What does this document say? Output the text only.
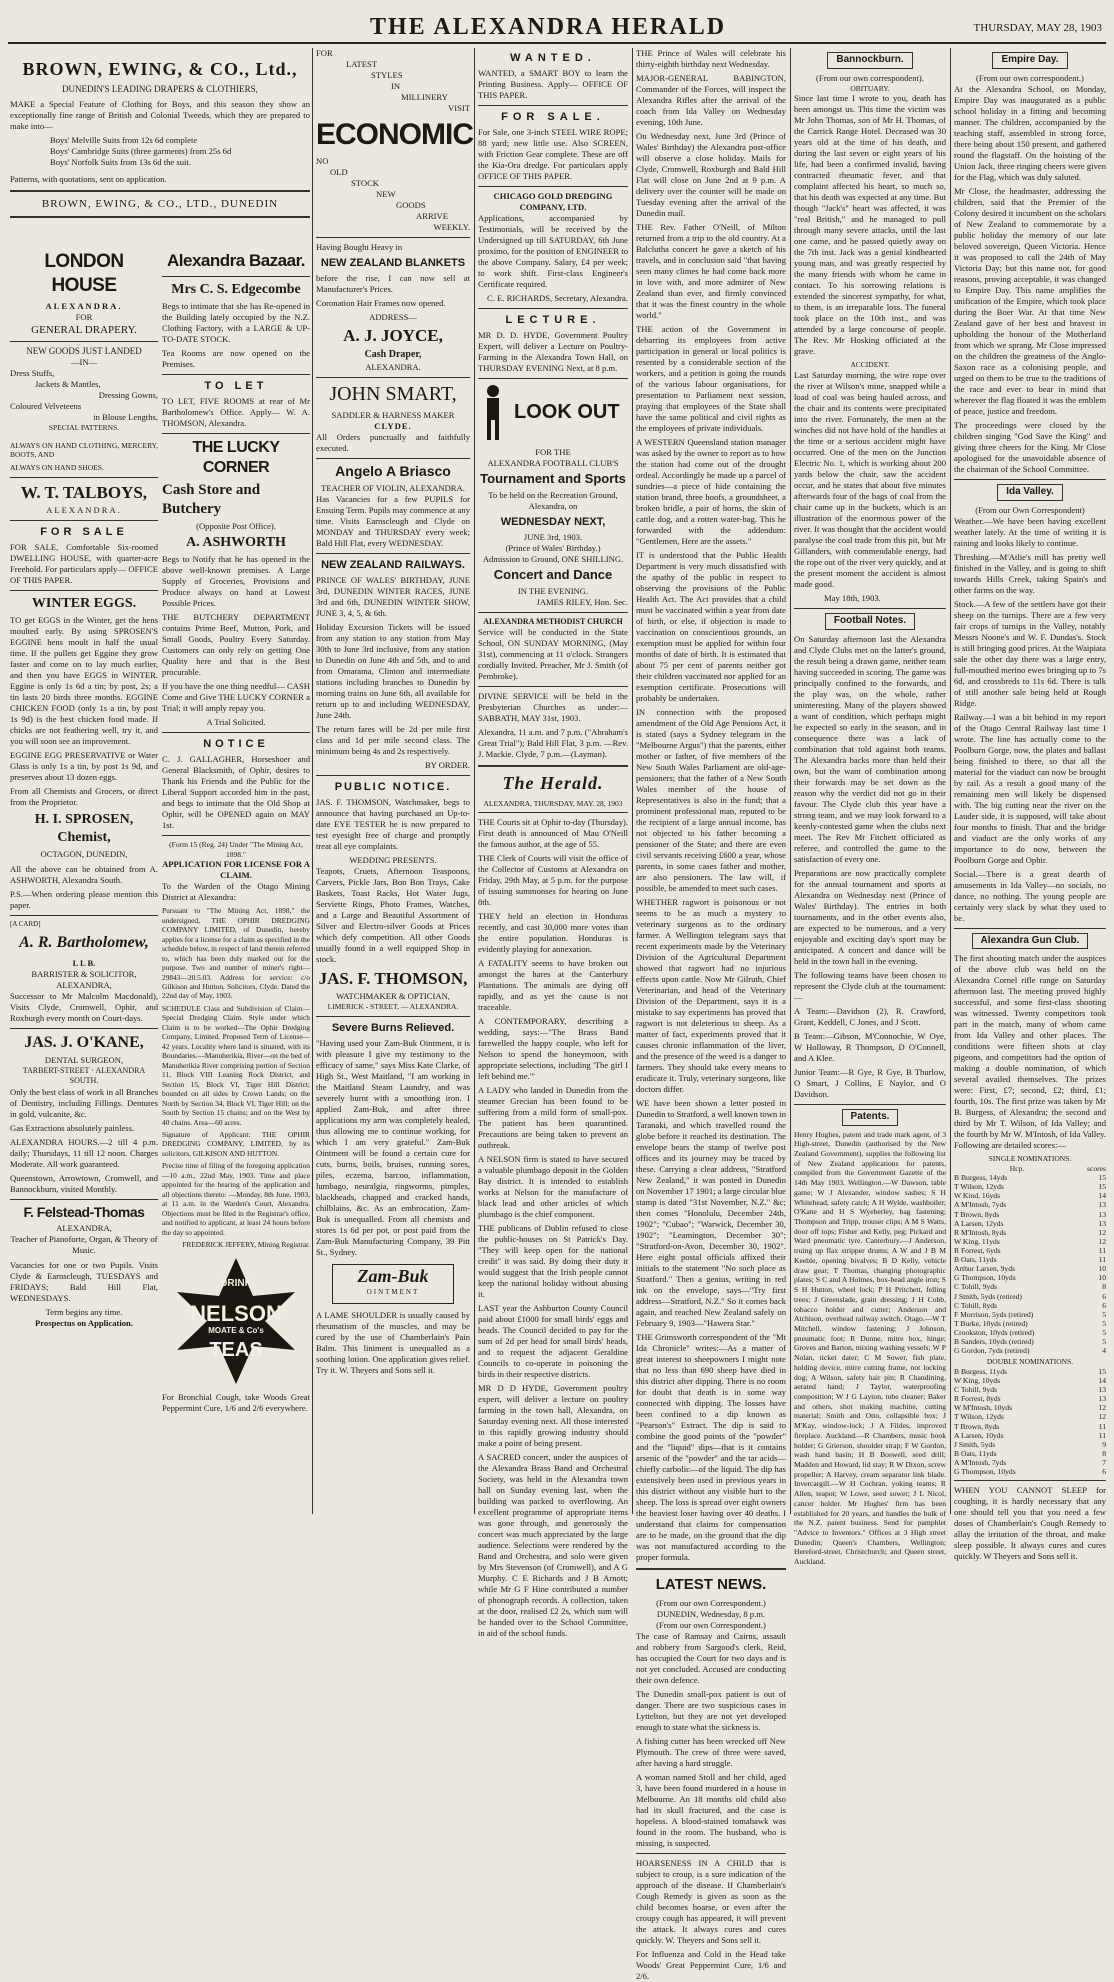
THE ALEXANDRA HERALD	THURSDAY, MAY 28, 1903
BROWN, EWING, & CO., Ltd.,
DUNEDIN'S LEADING DRAPERS & CLOTHIERS,

MAKE a Special Feature of Clothing for Boys, and this season they show an exceptionally fine range of British and Colonial Tweeds, which they are prepared to make into—

Boys' Melville Suits from 12s 6d complete
Boys' Cambridge Suits (three garments) from 25s 6d
Boys' Norfolk Suits from 13s 6d the suit.

Patterns, with quotations, sent on application.

BROWN, EWING, & CO., LTD., DUNEDIN
LONDON HOUSE
ALEXANDRA.
FOR
GENERAL DRAPERY.
NEW GOODS JUST LANDED
—IN—
Dress Stuffs,
Jackets & Mantles,
Dressing Gowns,
Coloured Velveteens
in Blouse Lengths,
SPECIAL PATTERNS.

ALWAYS ON HAND CLOTHING, MERCERY, BOOTS, AND

ALWAYS ON HAND SHOES.

W. T. TALBOYS,
ALEXANDRA.
FOR SALE

FOR SALE, Comfortable Six-roomed DWELLING HOUSE, with quarter-acre Freehold. For particulars apply— OFFICE OF THIS PAPER.

WINTER EGGS.

TO get EGGS in the Winter, get the hens moulted early. By using SPROSEN'S EGGINE hens moult in half the usual time. If the pullets get Eggine they grow faster and come on to lay much earlier, and then you have EGGS in WINTER. Eggine is only 1s 6d a tin; by post, 2s; a tin lasts 20 birds three months. EGGINE CHICKEN FOOD (only 1s a tin, by post 1s 9d) is the best chicken food made. If chicks are not feathering well, try it, and you will soon see an improvement.

EGGINE EGG PRESERVATIVE or Water Glass is only 1s a tin, by post 1s 9d, and preserves about 13 dozen eggs.

From all Chemists and Grocers, or direct from the Proprietor.

H. I. SPROSEN, Chemist,
OCTAGON, DUNEDIN,

All the above can be obtained from A. ASHWORTH, Alexandra South.

P.S.—When ordering please mention this paper.

[A CARD]
A. R. Bartholomew,
L L B.
BARRISTER & SOLICITOR, ALEXANDRA,

Successor to Mr Malcolm Macdonald), Visits Clyde, Cromwell, Ophir, and Roxburgh every month on Court-days.

JAS. J. O'KANE,
DENTAL SURGEON,
TARBERT-STREET · ALEXANDRA SOUTH.

Only the best class of work in all Branches of Dentistry, including Fillings. Dentures in gold, vulcanite, &c.

Gas Extractions absolutely painless.

ALEXANDRA HOURS.—2 till 4 p.m. daily; Thursdays, 11 till 12 noon. Charges Moderate. All work guaranteed.

Queenstown, Arrowtown, Cromwell, and Bannockburn, visited Monthly.

F. Felstead-Thomas
ALEXANDRA,
Teacher of Pianoforte, Organ, & Theory of Music.

Vacancies for one or two Pupils. Visits Clyde & Earnscleugh, TUESDAYS and FRIDAYS; Bald Hill Flat, WEDNESDAYS.

Term begins any time.
Prospectus on Application.
Alexandra Bazaar.
Mrs C. S. Edgecombe

Begs to intimate that she has Re-opened in the Building lately occupied by the N.Z. Clothing Factory, with a LARGE & UP-TO-DATE STOCK.

Tea Rooms are now opened on the Premises.

TO LET

TO LET, FIVE ROOMS at rear of Mr Bartholomew's Office. Apply— W. A. THOMSON, Alexandra.

THE LUCKY CORNER
Cash Store and Butchery
(Opposite Post Office).
A. ASHWORTH

Begs to Notify that he has opened in the above well-known premises. A Large Supply of Groceries, Provisions and Produce always on hand at Lowest Possible Prices.

THE BUTCHERY DEPARTMENT contains Prime Beef, Mutton, Pork, and Small Goods, Poultry Every Saturday. Customers can only rely on getting One Quality here and that is the Best procurable.

If you have the one thing needful— CASH Come and Give THE LUCKY CORNER a Trial; it will amply repay you.

A Trial Solicited.
NOTICE

C. J. GALLAGHER, Horseshoer and General Blacksmith, of Ophir, desires to Thank his Friends and the Public for the Liberal Support accorded him in the past, and begs to intimate that the Old Shop at Ophir, will be OPENED again on MAY 1st.

(Form 15 (Reg. 24) Under "The Mining Act, 1898."
APPLICATION FOR LICENSE FOR A CLAIM.

To the Warden of the Otago Mining District at Alexandra:

Pursuant to "The Mining Act, 1898," the undersigned, THE OPHIR DREDGING COMPANY LIMITED, of Dunedin, hereby applies for a license for a claim as specified in the schedule below, in respect of land therein referred to, which has been duly marked out for the purpose. Two and number of miner's right—29843—20.5.03. Address for service: c/o Gilkison and Hutton, Solicitors, Clyde. Dated the 22nd day of May, 1903.

SCHEDULE Class and Subdivision of Claim—Special Dredging Claim. Style under which Claim is to be worked—The Ophir Dredging Company, Limited. Proposed Term of License—42 years. Locality where land is situated, with its Boundaries.—Manuherikia, River—on the bed of Manuherikia River comprising portion of Section 11, Block VIII Leaning Rock District, and Section 15, Block VI, Tiger Hill District; bounded on all sides by Crown Lands; on the North by Section 34, Block VI, Tiger Hill; on the South by Section 15 chains; and on the West by 40 chains. Area—60 acres.

Signature of Applicant: THE OPHIR DREDGING COMPANY, LIMITED, by its solicitors, GILKISON AND HUTTON.

Precise time of filing of the foregoing application—10 a.m., 22nd May, 1903. Time and place appointed for the hearing of the application and all objections thereto: —Monday, 8th June, 1903, at 11 a.m. in the Warden's Court, Alexandra. Objections must be filed in the Registrar's office, and notified to applicant, at least 24 hours before the day so appointed.

FREDERICK JEFFERY, Mining Registrar.
DRINK
NELSON
MOATE & Co's
TEAS

For Bronchial Cough, take Woods Great Peppermint Cure, 1/6 and 2/6 everywhere.

FOR
LATEST
STYLES
IN
MILLINERY
VISIT
ECONOMIC
NO
OLD
STOCK
NEW
GOODS
ARRIVE
WEEKLY.
Having Bought Heavy in
NEW ZEALAND BLANKETS

before the rise, I can now sell at Manufacturer's Prices.

Coronation Hair Frames now opened.

ADDRESS—
A. J. JOYCE,
Cash Draper,
ALEXANDRA.
JOHN SMART,
SADDLER & HARNESS MAKER
CLYDE.

All Orders punctually and faithfully executed.

Angelo A Briasco
TEACHER OF VIOLIN, ALEXANDRA.

Has Vacancies for a few PUPILS for Ensuing Term. Pupils may commence at any time. Visits Earnscleugh and Clyde on MONDAY and THURSDAY every week; Bald Hill Flat, every WEDNESDAY.

NEW ZEALAND RAILWAYS.

PRINCE OF WALES' BIRTHDAY, JUNE 3rd, DUNEDIN WINTER RACES, JUNE 3rd and 6th, DUNEDIN WINTER SHOW, JUNE 3, 4, 5, & 6th.

Holiday Excursion Tickets will be issued from any station to any station from May 30th to June 3rd inclusive, from any station to Dunedin on June 4th and 5th, and to and from Omarama, Clinton and intermediate stations including branches to Dunedin by morning trains on June 6th, all available for return up to and including WEDNESDAY, June 24th.

The return fares will be 2d per mile first class and 1d per mile second class. The minimum being 4s and 2s respectively.

BY ORDER.
PUBLIC NOTICE.

JAS. F. THOMSON, Watchmaker, begs to announce that having purchased an Up-to-date EYE TESTER he is now prepared to test eyesight free of charge and promptly treat all eye complaints.

WEDDING PRESENTS.

Teapots, Cruets, Afternoon Teaspoons, Carvers, Pickle Jars, Bon Bon Trays, Cake Baskets, Toast Racks, Hot Water Jugs, Serviette Rings, Photo Frames, Watches, and a Large and Beautiful Assortment of Silver and Electro-silver Goods at Prices which defy competition. All other Goods usually found in a well equipped Shop in stock.

JAS. F. THOMSON,
WATCHMAKER & OPTICIAN,
LIMERICK - STREET, — ALEXANDRA.
Severe Burns Relieved.

"Having used your Zam-Buk Ointment, it is with pleasure I give my testimony to the efficacy of same," says Miss Kate Clarke, of High St., West Maitland, "I am working in the Maitland Steam Laundry, and was severely burnt with a smoothing iron. I applied Zam-Buk, and after three applications my arm was completely healed, thus allowing me to continue working, for which I am very grateful." Zam-Buk Ointment will be found a certain cure for cuts, burns, boils, bruises, running sores, piles, eczema, barcoo, inflammation, lumbago, neuralgia, ringworms, pimples, blackheads, chapped and cracked hands, chilblains, &c. As an embrocation, Zam-Buk is unequalled. From all chemists and stores 1s 6d per pot, or post paid from the Zam-Buk Manufacturing Company, 39 Pitt St., Sydney.

Zam-Buk
OINTMENT

A LAME SHOULDER is usually caused by rheumatism of the muscles, and may be cured by the use of Chamberlain's Pain Balm. This liniment is unequalled as a soothing lotion. One application gives relief. Try it. W. Theyers and Sons sell it.

WANTED.

WANTED, a SMART BOY to learn the Printing Business. Apply— OFFICE OF THIS PAPER.

FOR SALE.

For Sale, one 3-inch STEEL WIRE ROPE; 88 yard; new little use. Also SCREEN, with Friction Gear complete. These are off the Kia-Ora dredge. For particulars apply OFFICE OF THIS PAPER.

CHICAGO GOLD DREDGING COMPANY, LTD.

Applications, accompanied by Testimonials, will be received by the Undersigned up till SATURDAY, 6th June proximo, for the position of ENGINEER to the above Company. Salary, £4 per week; to work shift. First-class Engineer's Certificate required.

C. E. RICHARDS, Secretary, Alexandra.
LECTURE.

MR D. D. HYDE, Government Poultry Expert, will deliver a Lecture on Poultry-Farming in the Alexandra Town Hall, on THURSDAY EVENING Next, at 8 p.m.

LOOK OUT
FOR THE
ALEXANDRA FOOTBALL CLUB'S
Tournament and Sports
To be held on the Recreation Ground, Alexandra, on
WEDNESDAY NEXT,
JUNE 3rd, 1903.
(Prince of Wales' Birthday.)
Admission to Ground, ONE SHILLING.
Concert and Dance
IN THE EVENING.
JAMES RILEY, Hon. Sec.
ALEXANDRA METHODIST CHURCH

Service will be conducted in the State School, ON SUNDAY MORNING, (May 31st), commencing at 11 o'clock. Strangers cordially Invited. Preacher, Mr J. Smith (of Pembroke).

DIVINE SERVICE will be held in the Presbyterian Churches as under:— SABBATH, MAY 31st, 1903.

Alexandra, 11 a.m. and 7 p.m. ("Abraham's Great Trial"); Bald Hill Flat, 3 p.m. —Rev. J. Mackie. Clyde, 7 p.m.—(Layman).

The Herald.
ALEXANDRA, THURSDAY, MAY. 28, 1903

THE Courts sit at Ophir to-day (Thursday). First death is announced of Mau O'Neill the famous author, at the age of 55.

THE Clerk of Courts will visit the office of the Collector of Customs at Alexandra on Friday, 29th May, at 5 p.m. for the purpose of issuing summonses for hearing on June 8th.

THEY held an election in Honduras recently, and cast 30,000 more votes than the entire population. Honduras is evidently playing for annexation.

A FATALITY seems to have broken out amongst the hares at the Canterbury Plantations. The animals are dying off rapidly, and as yet the cause is not traceable.

A CONTEMPORARY, describing a wedding, says:—"The Brass Band farewelled the happy couple, who left for Nelson to spend the honeymoon, with appropriate selections, including 'The girl I left behind me.'"

A LADY who landed in Dunedin from the steamer Grecian has been found to be suffering from a mild form of small-pox. The patient has been quarantined. Precautions are being taken to prevent an outbreak.

A NELSON firm is stated to have secured a valuable plumbago deposit in the Golden Bay district. It is intended to establish works at Nelson for the manufacture of black lead and other articles of which plumbago is the chief component.

THE publicans of Dublin refused to close the public-houses on St Patrick's Day. "They will keep open for the national credit" it was said. By doing their duty it would suggest that the Irish people cannot keep the national holiday without abusing it.

LAST year the Ashburton County Council paid about £1000 for small birds' eggs and heads. The Council decided to pay for the sum of 2d per head for small birds' heads, and to request the adjacent Geraldine Councils to co-operate in poisoning the birds in their respective districts.

MR D D HYDE, Government poultry expert, will deliver a lecture on poultry farming in the town hall, Alexandra, on Saturday evening next. All those interested in this rapidly growing industry should make a point of being present.

A SACRED concert, under the auspices of the Alexandra Brass Band and Orchestral Society, was held in the Alexandra town hall on Sunday evening last, when the building was packed to overflowing. An excellent programme of appropriate items was gone through, and generously the concert was much appreciated by the large audience. Selections were rendered by the Band and Orchestra, and solo were given by Mrs Stevenson (of Cromwell), and A G Murphy. C E Richards and J B Arnott; while Mr G F Hine contributed a number of phonograph records. A collection, taken at the door, realised £2 2s, which sum will be handed over to the School Committee, in aid of the school funds.

THE Prince of Wales will celebrate his thirty-eighth birthday next Wednesday.

MAJOR-GENERAL BABINGTON, Commander of the Forces, will inspect the Alexandra Rifles after the arrival of the coach from Ida Valley on Wednesday evening, 10th June.

On Wednesday next, June 3rd (Prince of Wales' Birthday) the Alexandra post-office will observe a close holiday. Mails for Clyde, Cromwell, Roxburgh and Bald Hill Flat will close on June 2nd at 9 p.m. A delivery over the counter will be made on Tuesday evening after the arrival of the Dunedin mail.

THE Rev. Father O'Neill, of Milton returned from a trip to the old country. At a Balclutha concert he gave a sketch of his travels, and in conclusion said "that having seen many climes he had come back more in love with, and more admirer of New Zealand than ever, and firmly convinced that it was the finest country in the whole world."

THE action of the Government in debarring its employees from active participation in general or local politics is resented by a considerable section of the workers, and a petition is going the rounds of the various labour organisations, for presentation to Parliament next session, praying that employees of the State shall have the same political and civil rights as the employees of private individuals.

A WESTERN Queensland station manager was asked by the owner to report as to how the station had come out of the drought ordeal. Accordingly he made up a parcel of sundries—a piece of hide containing the station brand, three hoofs, a groundsheet, a broken bridle, a pair of horns, the skin of cattle dog, and a rotten water-bag. This he forwarded with the addendum: "Gentlemen, Here are the assets."

IT is understood that the Public Health Department is very much dissatisfied with the apathy of the public in respect to observing the provisions of the Public Health Act. The Act provides that a child must be vaccinated within a year from date of birth, or else, if objection is made to vaccination on conscientious grounds, an exemption must be applied for within four months of date of birth. It is estimated that about 75 per cent of parents neither got their children vaccinated nor applied for an exemption certificate. Prosecutions will probably be undertaken.

IN connection with the proposed amendment of the Old Age Pensions Act, it is stated (says a Sydney telegram in the "Melbourne Argus") that the parents, either mother or father, of five members of the New South Wales Parliament are old-age-pensioners; that the father of a New South Wales member of the house of Representatives is also in the fund; that a prominent professional man, reputed to be the recipient of a large annual income, has not objected to his father becoming a pensioner of the State; and there are even civil servants receiving £600 a year, whose parents, in some cases father and mother, are also pensioners. The law will, if possible, be amended to meet such cases.

WHETHER ragwort is poisonous or not seems to be as much a mystery to veterinary surgeons as to the ordinary farmer. A Wellington telegram says that recent experiments made by the Veterinary Division of the Agricultural Department showed that ragwort had no injurious effects upon cattle. Now Mr Gilruth, Chief Veterinarian, and head of the Veterinary Division of the Department, says it is a mistake to say experiments has proved that ragwort is not deleterious to sheep. As a matter of fact, experiments proved that it causes chronic inflammation of the liver, and the presence of the weed is a danger to farmers. They should take every means to eradicate it. Truly, veterinary surgeons, like doctors differ.

WE have been shown a letter posted in Dunedin to Stratford, a well known town in Taranaki, and which travelled round the globe before it reached its destination. The envelope bears the stamp of twelve post offices and its journey may be traced by these. Carrying a clear address, "Stratford New Zealand," it was posted in Dunedin on November 17 1901; a large circular blue stamp is dated "31st November, N.Z." &c; then comes "Honolulu, December 24th, 1902"; "Cubao"; "Warwick, December 30, 1902"; "Leamington, December 30"; "Stratford-on-Avon, December 30, 1902". Here eight postal officials affixed their initials to the statement "No such place as Stratford." Then a genius, writing in red ink on the envelope, says—"Try first address—Stratford, N.Z." So it comes back again, and reached New Zealand safely on February 9, 1903—"Hawera Star."

THE Grimsworth correspondent of the "Mt Ida Chronicle" writes:—As a matter of great interest to sheepowners I might note that no less than 690 sheep have died in this district after dipping. There is no room for doubt that death is in some way connected with dipping. The losses have been confined to a dip known as "Pearson's" Extract. The dip is said to combine the good points of the "powder" and the "liquid" dips—that is it contains arsenic of the "powder" and the tar acids—chiefly carbolic—of the liquid. The dip has extensively been used in previous years in this district without any visible hurt to the sheep. The loss is spread over eight owners the heaviest loser having over 40 deaths. I understand that claims for compensation are to be made, on the ground that the dip was not manufactured according to the proper formula.

LATEST NEWS.
(From our own Correspondent.)
DUNEDIN, Wednesday, 8 p.m.
(From our own Correspondent.)

The case of Ramsay and Cairns, assault and robbery from Sargood's clerk, Reid, has occupied the Court for two days and is not yet concluded. Accused are conducting their own defence.

The Dunedin small-pox patient is out of danger. There are two suspicious cases in Lyttelton, but they are not yet developed enough to state what the sickness is.

A fishing cutter has been wrecked off New Plymouth. The crew of three were saved, after having a hard struggle.

A woman named Stoll and her child, aged 3, have been found murdered in a house in Melbourne. An 18 months old child also had its skull fractured, and the case is hopeless. A blood-stained tomahawk was found in the room. The husband, who is missing, is suspected.

HOARSENESS IN A CHILD that is subject to croup, is a sure indication of the approach of the disease. If Chamberlain's Cough Remedy is given as soon as the child becomes hoarse, or even after the croupy cough has appeared, it will prevent the attack. It always cures and cures quickly. W. Theyers and Sons sell it.

For Influenza and Cold in the Head take Woods' Great Peppermint Cure, 1/6 and 2/6.

Bannockburn.
(From our own correspondent).
OBITUARY.

Since last time I wrote to you, death has been amongst us. This time the victim was Mr John Thomas, son of Mr H. Thomas, of the Carrick Range Hotel. Deceased was 30 years old at the time of his death, and during the last seven or eight years of his life, had been a confirmed invalid, having contracted rheumatic fever, and that complaint affected his heart, so much so, that his death was expected at any time. But though "Jack's" heart was affected, it was "real British," and he managed to pull through many severe attacks, until the last one came, and he passed quietly away on the 7th inst. Jack was a genial kindhearted young man, and was greatly respected by the many friends with whom he came in contact. To his sorrowing relations is extended the sincerest sympathy, for what, to them, is an irreparable loss. The funeral took place on the 10th inst., and was attended by a large concourse of people. The Rev. Mr Hosking officiated at the grave.

ACCIDENT.

Last Saturday morning, the wire rope over the river at Wilson's mine, snapped while a load of coal was being hauled across, and the chair and its contents were precipitated into the river. Fortunately, the men at the winches did not have hold of the handles at the time or a serious accident might have occurred. One of the men on the Junction Electric No. 1, which is working about 200 yards below the chair, saw the accident occur, and he states that about five minutes afterwards four of the bags of coal from the chair came up in the buckets, which is an illustration of the enormous power of the river. It was thought that the accident would paralyse the coal trade from this pit, but Mr Gillanders, with commendable energy, had the rope out of the river very quickly, and at the present moment the accident is almost made good.

May 18th, 1903.
Football Notes.

On Saturday afternoon last the Alexandra and Clyde Clubs met on the latter's ground, the result being a drawn game, neither team having succeeded in scoring. The game was principally confined to the forwards, and the play was, on the whole, rather uninteresting. Many of the players showed a want of condition, which perhaps might be expected so early in the season, and in consequence there was a lack of combination that told against both teams. The Alexandra backs more than held their own, but the want of combination among their forwards may be set down as the reason why the verdict did not go in their favour. The Clyde club this year have a strong team, and we may look forward to a keenly-contested game when the clubs next meet. The Rev Mr Fitchett officiated as referee, and controlled the game to the satisfaction of every one.

Preparations are now practically complete for the annual tournament and sports at Alexandra on Wednesday next (Prince of Wales' Birthday). The entries in both tournaments, and in the other events also, are expected to be numerous, and a very enjoyable and exciting day's sport may be anticipated. A concert and dance will be held in the town hall in the evening.

The following teams have been chosen to represent the Clyde club at the tournament:—

A Team:—Davidson (2), R. Crawford, Grant, Keddell, C Jones, and J Scott.

B Team:—Gibson, M'Connochie, W Oye, W Holloway, R Thompson, D O'Connell, and A Klee.

Junior Team:—R Gye, R Gye, B Thurlow, O Smart, J Collins, E Naylor, and O Davidson.

Patents.

Henry Hughes, patent and trade mark agent, of 3 High-street, Dunedin (authorised by the New Zealand Government), supplies the following list of New Zealand applications for patents, compiled from the Government Gazette of the 14th May 1903. Wellington.—W Dawson, table game; W J Alexander, window sashes; S H Whitehead, safety catch; A H Wylde, washboiler; O'Kane and H S Wyeberley, bag fastening; Thompson and Tripp, trouser clips; A M S Watts, door off tops; Fisher and Kelly, peg; Pickard and Ward pneumatic tyre. Canterbury.—J Anderson, truing up flax stripper drums; A W and J B M Keeble, opening bivalves; B D Kelly, vehicle draw gear; T Thomas, changing photographic plates; S C and A Holmes, box-bead angle iron; S S H Hutton, wheel lock; P H Pritchett, felling trees; J Greenslade, grain dressing; J H Cobb, tobacco holder and cutter; Anderson and Atchison, overhead railway switch. Otago.—W T Mitchell, window fastening; J Johnson, pneumatic foot; R Dunne, mitre box, hinge; Groves and Barton, mixing washing vessels; W P Nolan, ticket dater; C M Sower, fish plate, holding device, mitre cutting frame, not locking dog; A Wilson, safety hair pin; R Chandining, aerated hand; J Taylor, waterproofing composition; W J G Layton, tube cleaner; Baker and others, shot making machine, cutting material; Smith and Otto, collapsible box; J M'Kay, window-lock; J A Fildes, improved fireplace. Auckland.—R Chambers, music book holder; G Grierson, shoulder strap; F W Gordon, wash hand basin; H B Boswell, seed drill; Madden and Howard, lid stay; R W Dixon, screw propeller; A Harvey, cream separator link blade. Invercargill.—W H Cochran, yoking teams; R Allen, teapot; W Lowe, seed sower; J L Nicol, cancer holder. Mr Hughes' firm has been established for 20 years, and handles the bulk of the N.Z. patent business. Send for pamphlet "Advice to Inventors." Offices at 3 High street Dunedin; Queen's Chambers, Wellington; Hereford-street, Christchurch; and Queen street, Auckland.

Empire Day.
(From our own correspondent.)

At the Alexandra School, on Monday, Empire Day was inaugurated as a public school holiday in a fitting and becoming manner. The children, accompanied by the teaching staff, assembled in strong force, there being about 150 present, and gathered round the flagstaff. On the hoisting of the Union Jack, three ringing cheers were given for the Flag, which was duly saluted.

Mr Close, the headmaster, addressing the children, said that the Premier of the Colony desired it incumbent on the scholars of New Zealand to commemorate by a public holiday the memory of our late beloved sovereign, Queen Victoria. Hence it was proposed to call the 24th of May Victoria Day; but this name not, for good reasons, proving acceptable, it was changed to Empire Day. This name amplifies the unification of the Empire, which took place during the Boer War. At that time New Zealand gave of her best and bravest in upholding the honour of the Motherland from which we sprang. Mr Close impressed on the children the greatness of the Anglo-Saxon race as a colonising people, and urged on them to be true to the traditions of the race and ever to bear in mind that wherever the flag floated it was the emblem of peace, justice and freedom.

The proceedings were closed by the children singing "God Save the King" and giving three cheers for the King. Mr Close apologised for the unavoidable absence of the chairman of the School Committee.

Ida Valley.
(From our Own Correspondent)

Weather.—We have been having excellent weather lately. At the time of writing it is raining and looks likely to continue.

Threshing.—M'Atlie's mill has pretty well finished in the Valley, and is going to shift towards Hills Creek, taking Spain's and other farms on the way.

Stock.—A few of the settlers have got their sheep on the turnips. There are a few very fair crops of turnips in the Valley, notably Messrs Noone's and W. F. Dundas's. Stock is still bringing good prices. At the Waipiata sale the other day there was a large entry, full-mouthed merino ewes bringing up to 7s 6d, and crossbreds to 11s 6d. There is talk of still another sale being held at Rough Ridge.

Railway.—I was a bit behind in my report of the Otago Central Railway last time I wrote. The line has actually come to the Poolburn Gorge, now, the plates and ballast being finished to there, so that all the material for the viaduct can now be brought by rail. As a result a good many of the remaining men will likely be dispensed with. The big cutting near the river on the Lauder side, it is supposed, will take about four months to finish. That and the bridge and viaduct are the only works of any importance to do now, between the Poolburn Gorge and Ophir.

Social.—There is a great dearth of amusements in Ida Valley—no socials, no dance, no nothing. The young people are certainly very slack by what they used to be.

Alexandra Gun Club.

The first shooting match under the auspices of the above club was held on the Alexandra Cornel rifle range on Saturday afternoon last. The meeting proved highly successful, and some first-class shooting was witnessed. Twenty competitors took part in the match, many of whom came from Ida Valley and other places. The conditions were fifteen shots at clay pigeons, and competitors had the option of making a double nomination, of which several availed themselves. The prizes were: First, £7; second, £2; third, £1; fourth, 10s. The first prize was taken by Mr B. Burgess, of Alexandra; the second and third by Mr T. Wilson, of Ida Valley; and the fourth by Mr W. M'Intosh, of Ida Valley. Following are detailed scores:—

SINGLE NOMINATIONS.
Hcp.	scores
B Burgess, 14yds	15
T Wilson, 12yds	15
W Kind, 16yds	14
A M'Intosh, 7yds	13
T Brown, 8yds	13
A Larsen, 12yds	13
R M'Intosh, 8yds	12
W King, 11yds	12
R Forrest, 6yds	11
B Oats, 11yds	11
Arthur Larsen, 9yds	10
G Thompson, 10yds	10
C Tohill, 9yds	8
J Smith, 5yds (retired)	6
C Tohill, 8yds	6
F Morrison, 5yds (retired)	5
T Burke, 10yds (retired)	5
Crookston, 10yds (retired)	5
B Sanders, 10yds (retired)	5
G Gordon, 7yds (retired)	4
DOUBLE NOMINATIONS.
B Burgess, 11yds	15
W King, 10yds	14
C Tohill, 9yds	13
R Forrest, 8yds	13
W M'Intosh, 10yds	12
T Wilson, 12yds	12
T Brown, 8yds	11
A Larsen, 10yds	11
J Smith, 5yds	9
B Oats, 11yds	8
A M'Intosh, 7yds	7
G Thompson, 10yds	6

WHEN YOU CANNOT SLEEP for coughing, it is hardly necessary that any one should tell you that you need a few doses of Chamberlain's Cough Remedy to allay the irritation of the throat, and make sleep possible. It always cures and cures quickly. W Theyers and Sons sell it.
